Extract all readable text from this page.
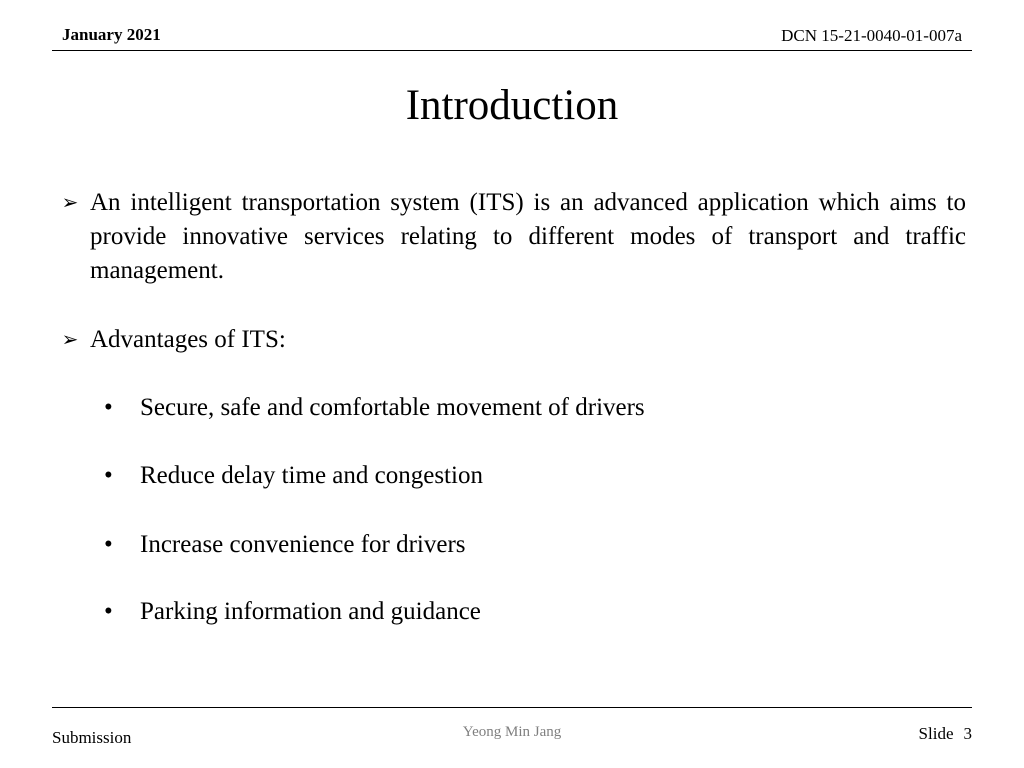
January 2021	DCN 15-21-0040-01-007a
Introduction
➢ An intelligent transportation system (ITS) is an advanced application which aims to provide innovative services relating to different modes of transport and traffic management.
➢ Advantages of ITS:
• Secure, safe and comfortable movement of drivers
• Reduce delay time and congestion
• Increase convenience for drivers
• Parking information and guidance
Submission	Yeong Min Jang	Slide 3
